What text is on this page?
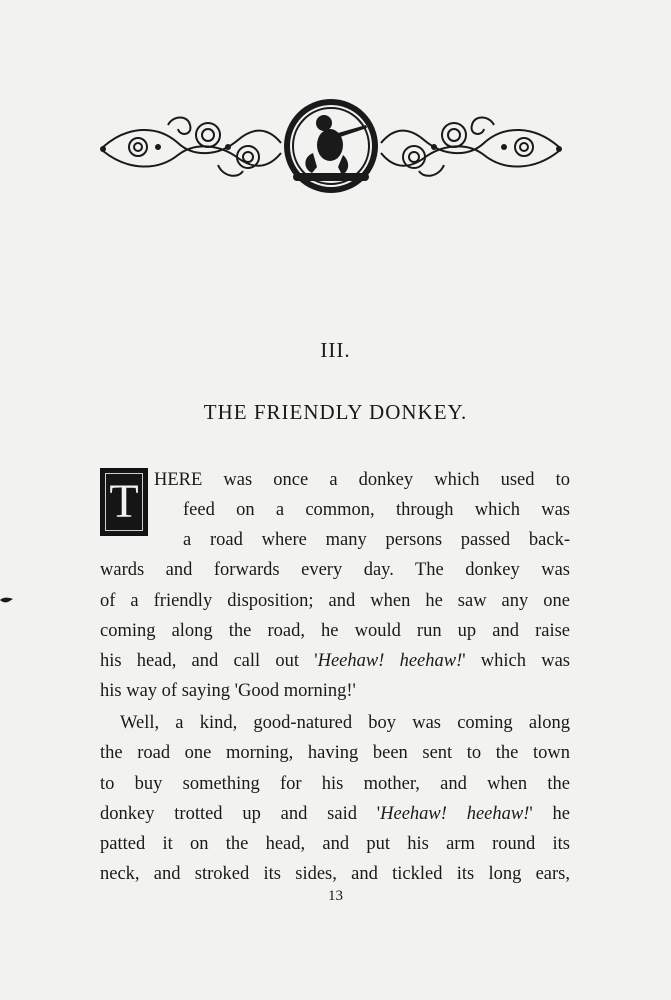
III.
THE FRIENDLY DONKEY.
T HERE was once a donkey which used to
feed on a common, through which was
a road where many persons passed back-
wards and forwards every day. The donkey was
of a friendly disposition; and when he saw any one
coming along the road, he would run up and raise
his head, and call out 'Heehaw! heehaw!' which was
his way of saying 'Good morning!'
Well, a kind, good-natured boy was coming along
the road one morning, having been sent to the town
to buy something for his mother, and when the
donkey trotted up and said 'Heehaw! heehaw!' he
patted it on the head, and put his arm round its
neck, and stroked its sides, and tickled its long ears,
13
